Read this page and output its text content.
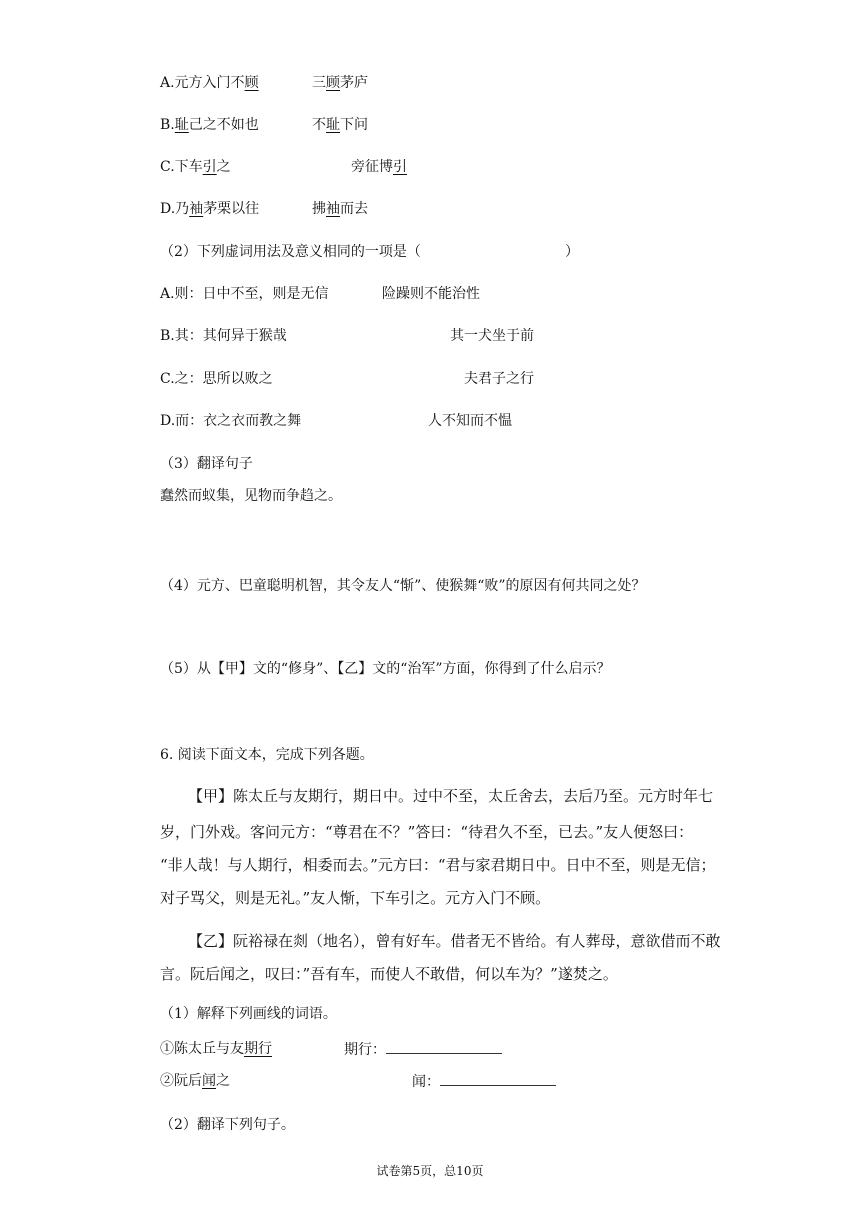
A.元方入门不顾	三顾茅庐
B.耻己之不如也	不耻下问
C.下车引之	旁征博引
D.乃袖茅栗以往	拂袖而去
（2）下列虚词用法及意义相同的一项是（	）
A.则：日中不至，则是无信	险躁则不能治性
B.其：其何异于猴哉	其一犬坐于前
C.之：思所以败之	夫君子之行
D.而：衣之衣而教之舞	人不知而不愠
（3）翻译句子
蠢然而蚁集，见物而争趋之。
（4）元方、巴童聪明机智，其令友人“惭”、使猴舞“败”的原因有何共同之处？
（5）从【甲】文的“修身”、【乙】文的“治军”方面，你得到了什么启示？
6. 阅读下面文本，完成下列各题。
【甲】陈太丘与友期行，期日中。过中不至，太丘舍去，去后乃至。元方时年七
岁，门外戏。客问元方：“尊君在不？”答曰：“待君久不至，已去。”友人便怒曰：
“非人哉！与人期行，相委而去。”元方曰：“君与家君期日中。日中不至，则是无信；
对子骂父，则是无礼。”友人惭，下车引之。元方入门不顾。
【乙】阮裕禄在剡（地名），曾有好车。借者无不皆给。有人葬母，意欲借而不敢
言。阮后闻之，叹曰：”吾有车，而使人不敢借，何以车为？”遂焚之。
（1）解释下列画线的词语。
①陈太丘与友期行	期行：
②阮后闻之	闻：
（2）翻译下列句子。
试卷第5页，总10页
